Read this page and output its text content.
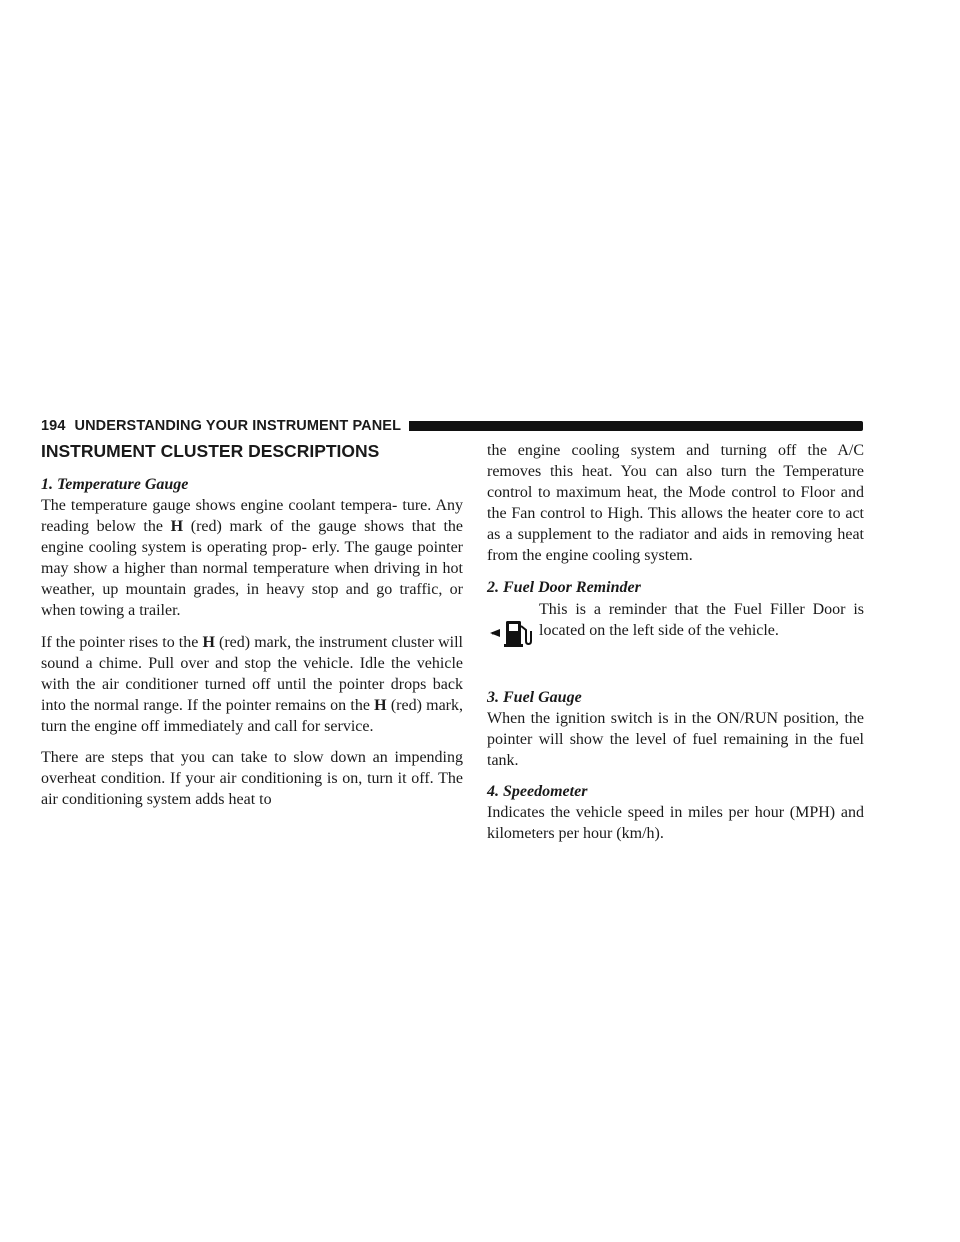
194 UNDERSTANDING YOUR INSTRUMENT PANEL
INSTRUMENT CLUSTER DESCRIPTIONS
1. Temperature Gauge

The temperature gauge shows engine coolant tempera- ture. Any reading below the H (red) mark of the gauge shows that the engine cooling system is operating prop- erly. The gauge pointer may show a higher than normal temperature when driving in hot weather, up mountain grades, in heavy stop and go traffic, or when towing a trailer.

If the pointer rises to the H (red) mark, the instrument cluster will sound a chime. Pull over and stop the vehicle. Idle the vehicle with the air conditioner turned off until the pointer drops back into the normal range. If the pointer remains on the H (red) mark, turn the engine off immediately and call for service.

There are steps that you can take to slow down an impending overheat condition. If your air conditioning is on, turn it off. The air conditioning system adds heat to

the engine cooling system and turning off the A/C removes this heat. You can also turn the Temperature control to maximum heat, the Mode control to Floor and the Fan control to High. This allows the heater core to act as a supplement to the radiator and aids in removing heat from the engine cooling system.

2. Fuel Door Reminder
This is a reminder that the Fuel Filler Door is located on the left side of the vehicle.
3. Fuel Gauge

When the ignition switch is in the ON/RUN position, the pointer will show the level of fuel remaining in the fuel tank.

4. Speedometer

Indicates the vehicle speed in miles per hour (MPH) and kilometers per hour (km/h).
